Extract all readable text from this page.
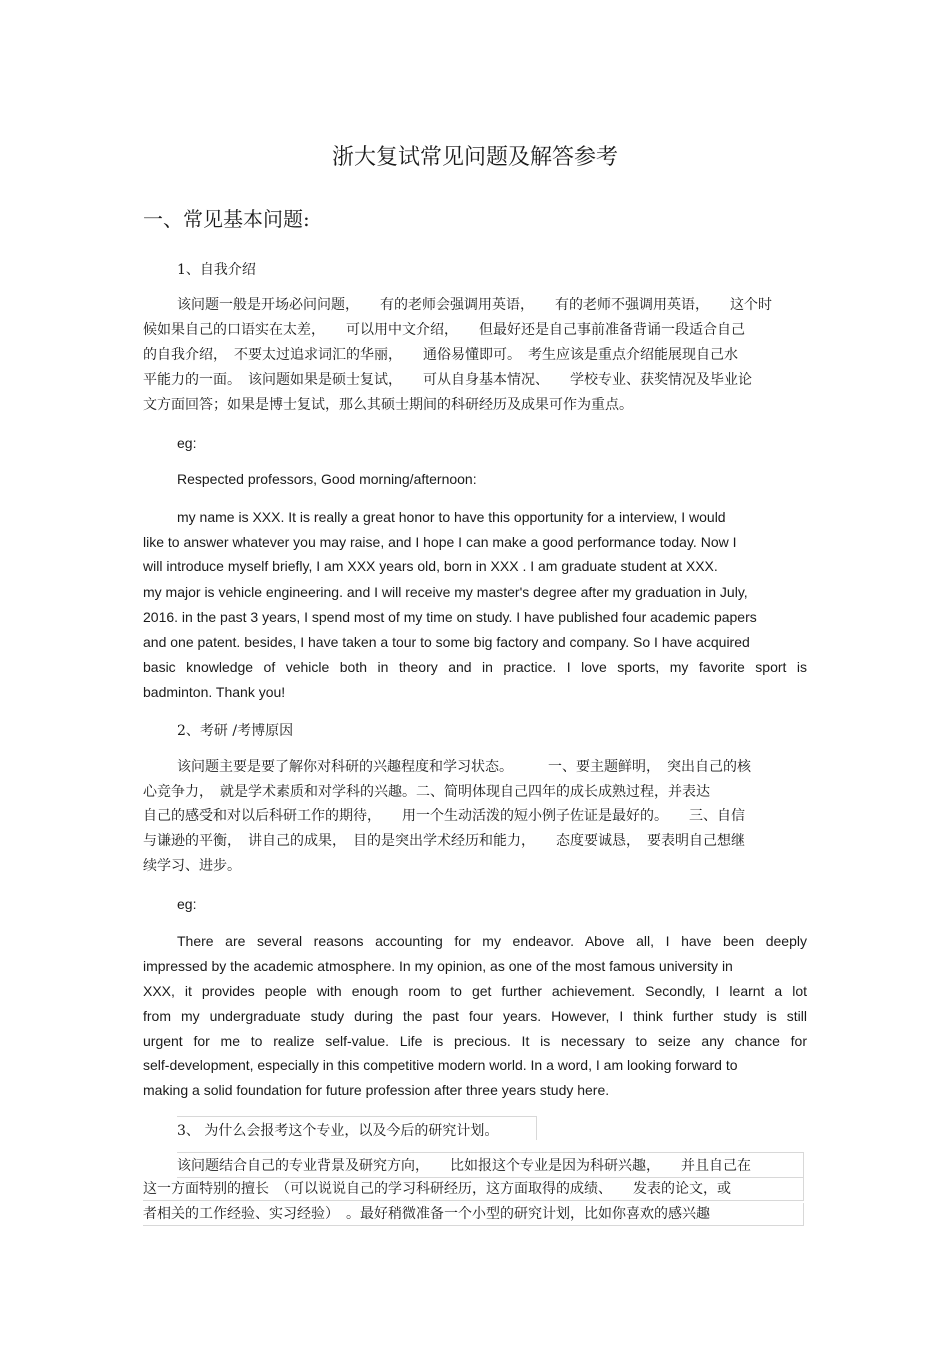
浙大复试常见问题及解答参考
一、常见基本问题:
1、自我介绍
该问题一般是开场必问问题，　　有的老师会强调用英语，　　有的老师不强调用英语，　　这个时
候如果自己的口语实在太差，　　可以用中文介绍，　　但最好还是自己事前准备背诵一段适合自己
的自我介绍，　不要太过追求词汇的华丽，　　通俗易懂即可。　考生应该是重点介绍能展现自己水
平能力的一面。　该问题如果是硕士复试，　　可从自身基本情况、　　学校专业、获奖情况及毕业论
文方面回答；如果是博士复试，那么其硕士期间的科研经历及成果可作为重点。
eg:
Respected professors, Good morning/afternoon:
my name is XXX. It is really a great honor to have this opportunity for a interview, I would
like to answer whatever you may raise, and I hope I can make a good performance today. Now I
will introduce myself briefly, I am XXX years old, born in XXX . I am graduate student at XXX.
my major is vehicle engineering. and I will receive my master's degree after my graduation in July,
2016. in the past 3 years, I spend most of my time on study. I have published four academic papers
and one patent. besides, I have taken a tour to some big factory and company. So I have acquired
basic knowledge of vehicle both in theory and in practice. I love sports, my favorite sport is
badminton. Thank you!
2、考研 /考博原因
该问题主要是要了解你对科研的兴趣程度和学习状态。　　　一、要主题鲜明，　突出自己的核
心竞争力，　就是学术素质和对学科的兴趣。二、简明体现自己四年的成长成熟过程，并表达
自己的感受和对以后科研工作的期待，　　用一个生动活泼的短小例子佐证是最好的。　　三、自信
与谦逊的平衡，　讲自己的成果，　目的是突出学术经历和能力，　　态度要诚恳，　要表明自己想继
续学习、进步。
eg:
There are several reasons accounting for my endeavor. Above all, I have been deeply
impressed by the academic atmosphere. In my opinion, as one of the most famous university in
XXX, it provides people with enough room to get further achievement. Secondly, I learnt a lot
from my undergraduate study during the past four years. However, I think further study is still
urgent for me to realize self-value. Life is precious. It is necessary to seize any chance for
self-development, especially in this competitive modern world. In a word, I am looking forward to
making a solid foundation for future profession after three years study here.
3、 为什么会报考这个专业，以及今后的研究计划。
该问题结合自己的专业背景及研究方向，　　比如报这个专业是因为科研兴趣，　　并且自己在
这一方面特别的擅长　（可以说说自己的学习科研经历，这方面取得的成绩、　　发表的论文，或
者相关的工作经验、实习经验）　。最好稍微准备一个小型的研究计划，比如你喜欢的感兴趣
